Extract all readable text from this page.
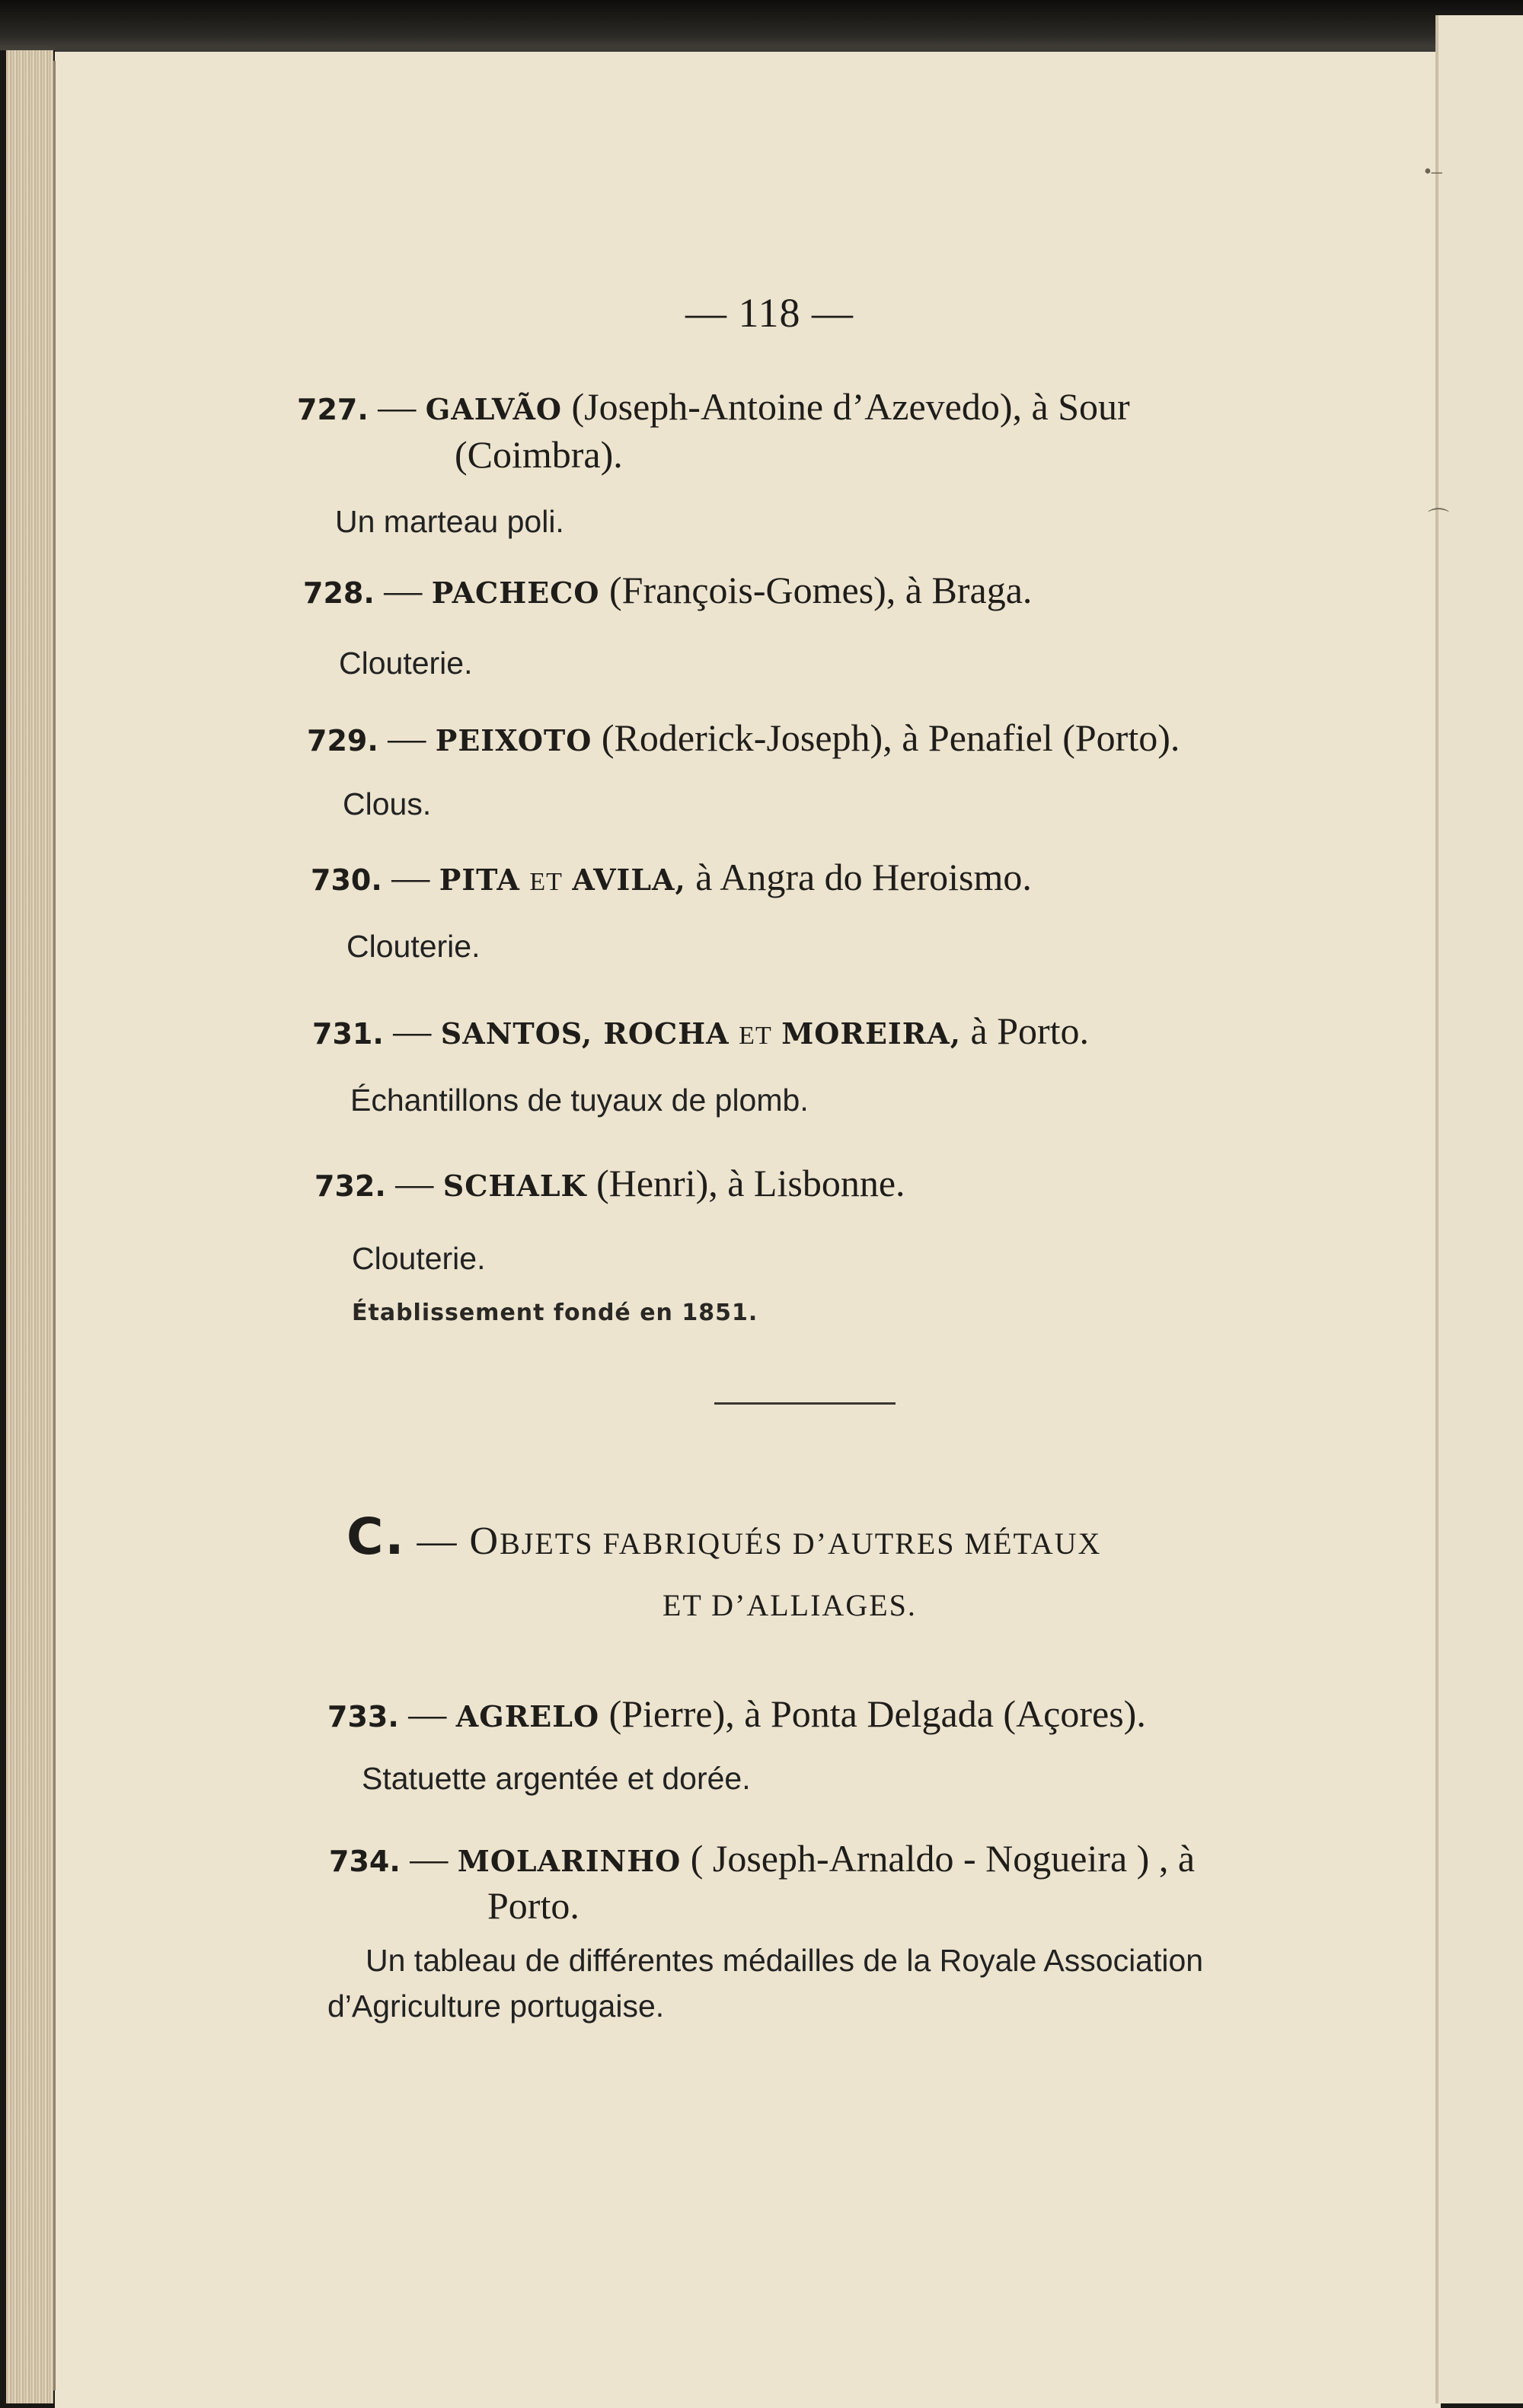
•–
⌒
— 118 —
727. — GALVÃO (Joseph-Antoine d’Azevedo), à Sour
(Coimbra).
Un marteau poli.
728. — PACHECO (François-Gomes), à Braga.
Clouterie.
729. — PEIXOTO (Roderick-Joseph), à Penafiel (Porto).
Clous.
730. — PITA ET AVILA, à Angra do Heroismo.
Clouterie.
731. — SANTOS, ROCHA ET MOREIRA, à Porto.
Échantillons de tuyaux de plomb.
732. — SCHALK (Henri), à Lisbonne.
Clouterie.
Établissement fondé en 1851.
C. — OBJETS FABRIQUÉS D’AUTRES MÉTAUX
ET D’ALLIAGES.
733. — AGRELO (Pierre), à Ponta Delgada (Açores).
Statuette argentée et dorée.
734. — MOLARINHO ( Joseph-Arnaldo - Nogueira ) , à
Porto.
Un tableau de différentes médailles de la Royale Association
d’Agriculture portugaise.
